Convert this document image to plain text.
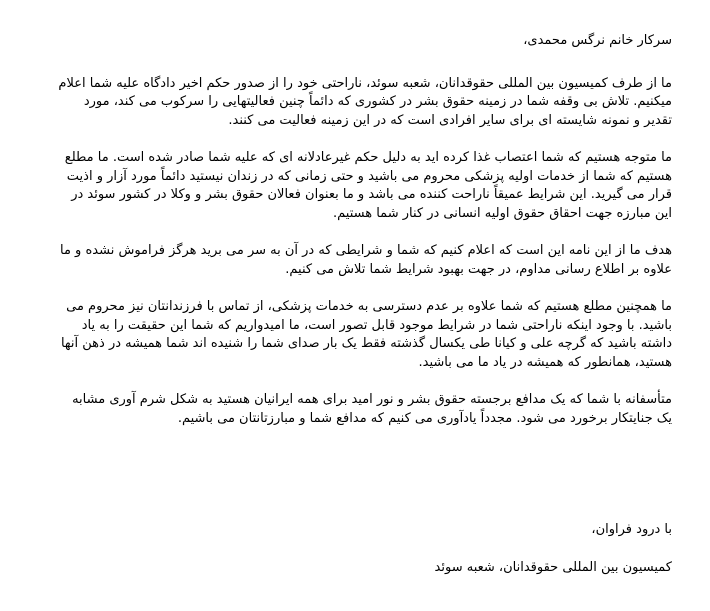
سرکار خانم نرگس محمدی،

ما از طرف کمیسیون بین المللی حقوقدانان، شعبه سوئد، ناراحتی خود را از صدور حکم اخیر دادگاه علیه شما اعلام میکنیم. تلاش بی وقفه شما در زمینه حقوق بشر در کشوری که دائماً چنین فعالیتهایی را سرکوب می کند، مورد تقدیر و نمونه شایسته ای برای سایر افرادی است که در این زمینه فعالیت می کنند.

ما متوجه هستیم که شما اعتصاب غذا کرده اید به دلیل حکم غیرعادلانه ای که علیه شما صادر شده است. ما مطلع هستیم که شما از خدمات اولیه پزشکی محروم می باشید و حتی زمانی که در زندان نیستید دائماً مورد آزار و اذیت قرار می گیرید. این شرایط عمیقاً ناراحت کننده می باشد و ما بعنوان فعالان حقوق بشر و وکلا در کشور سوئد در این مبارزه جهت احقاق حقوق اولیه انسانی در کنار شما هستیم.

هدف ما از این نامه این است که اعلام کنیم که شما و شرایطی که در آن به سر می برید هرگز فراموش نشده و ما علاوه بر اطلاع رسانی مداوم، در جهت بهبود شرایط شما تلاش می کنیم.

ما همچنین مطلع هستیم که شما علاوه بر عدم دسترسی به خدمات پزشکی، از تماس با فرزندانتان نیز محروم می باشید. با وجود اینکه ناراحتی شما در شرایط موجود قابل تصور است، ما امیدواریم که شما این حقیقت را به یاد داشته باشید که گرچه علی و کیانا طی یکسال گذشته فقط یک بار صدای شما را شنیده اند شما همیشه در ذهن آنها هستید، همانطور که همیشه در یاد ما می باشید.

متأسفانه با شما که یک مدافع برجسته حقوق بشر و نور امید برای همه ایرانیان هستید به شکل شرم آوری مشابه یک جنایتکار برخورد می شود. مجدداً یادآوری می کنیم که مدافع شما و مبارزتانتان می باشیم.

با درود فراوان،

کمیسیون بین المللی حقوقدانان، شعبه سوئد
